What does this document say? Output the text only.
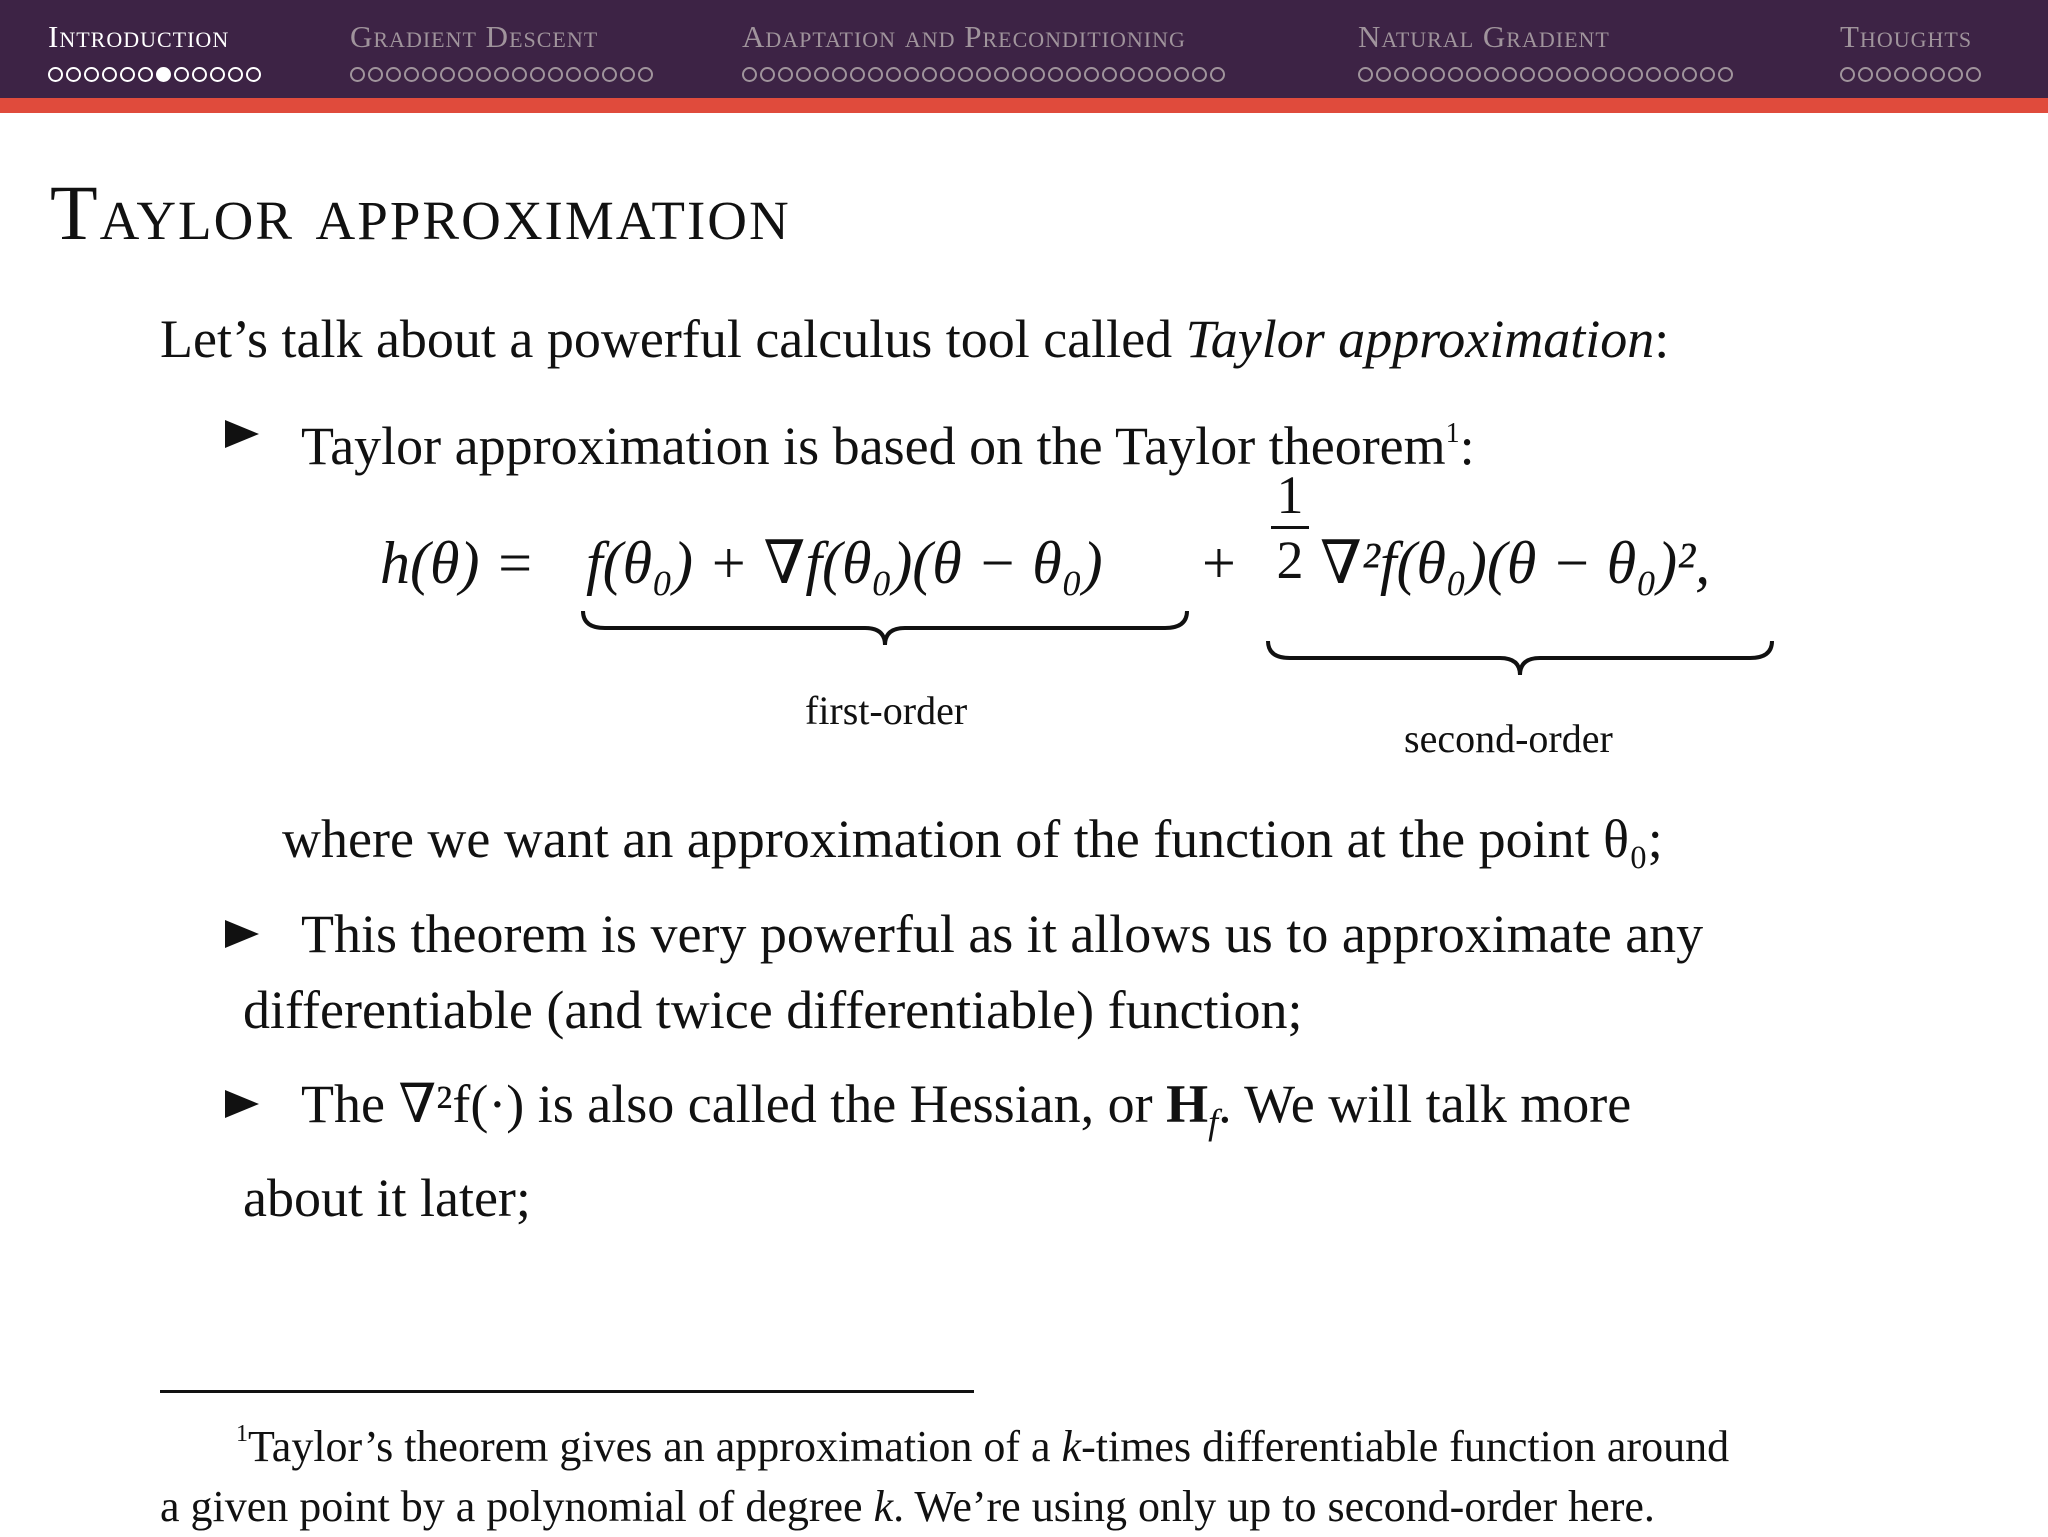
Introduction	Gradient Descent	Adaptation and Preconditioning	Natural Gradient	Thoughts
Taylor approximation
Let’s talk about a powerful calculus tool called Taylor approximation:
Taylor approximation is based on the Taylor theorem$^1$:
h(θ) = f(θ₀) + ∇f(θ₀)(θ − θ₀) +
1
2 ∇²f(θ₀)(θ − θ₀)²,
first-order
second-order
where we want an approximation of the function at the point θ₀;
This theorem is very powerful as it allows us to approximate any
differentiable (and twice differentiable) function;
The ∇²f(·) is also called the Hessian, or $H_f$. We will talk more
about it later;
$^1$Taylor’s theorem gives an approximation of a k-times differentiable function around
a given point by a polynomial of degree k. We’re using only up to second-order here.
